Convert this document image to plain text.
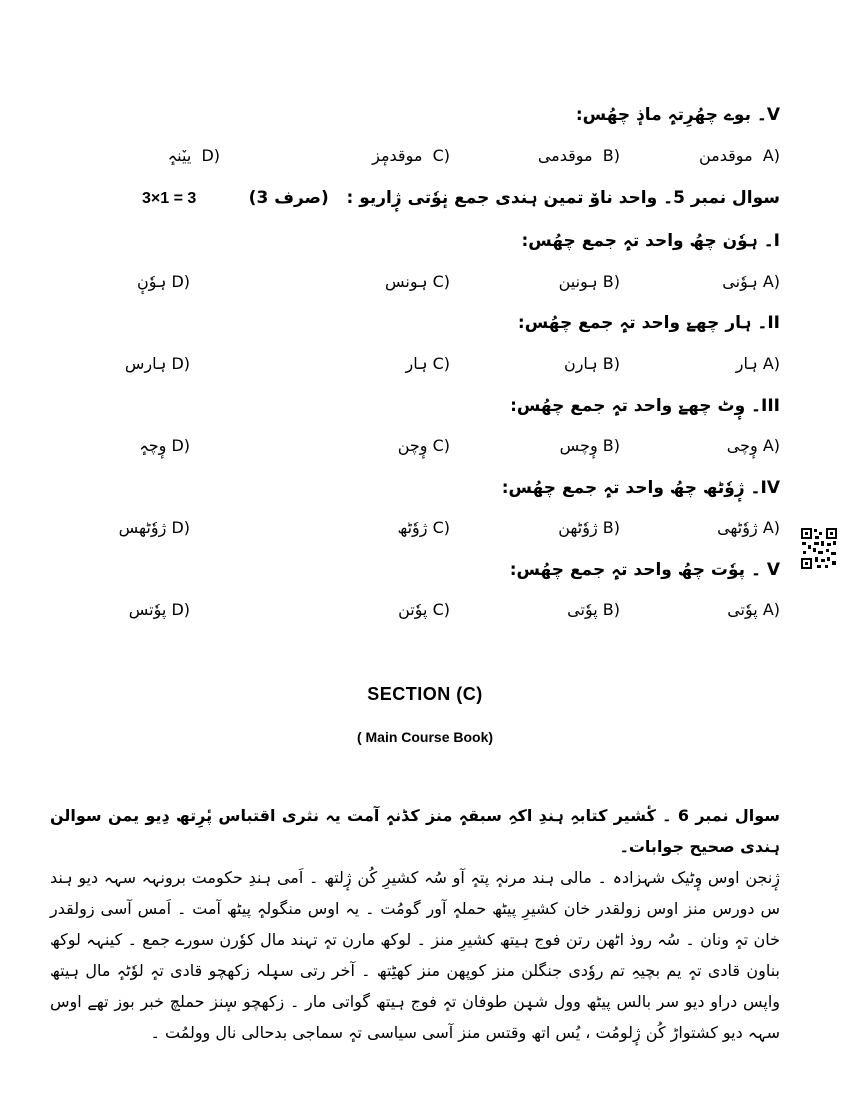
V۔ بوے چھُرِتہٕ ماذٕ چھُس:
A)  موقدمن
B)  موقدمی
C)  موقدمٕز
D)  ییٚنہٕ
سوال نمبر 5۔ واحد ناوٚ تمین ہندی جمع نٕوٗتی ژٕاریو :   (صرف 3)
3×1 = 3
I۔ ہوٗن چھُ واحد تہٕ جمع چھُس:
A) ہوٗنی
B) ہونین
C) ہونس
D) ہوٗنٕ
II۔ ہار چھےٚ واحد تہٕ جمع چھُس:
A) ہار
B) ہارن
C) ہار
D) ہارس
III۔ وٕٹ چھےٚ واحد تہٕ جمع چھُس:
A) وٕچی
B) وٕچس
C) وٕچن
D) وٕچہٕ
IV۔ ژٕوٗٹھ چھُ واحد تہٕ جمع چھُس:
A) ژوٗٹھی
B) ژوٗٹھن
C) ژوٗٹھ
D) ژوٗٹھس
V ۔ پوٗت چھُ واحد تہٕ جمع چھُس:
A) پوٗتی
B) پوٗتی
C) پوٗتن
D) پوٗتس
SECTION (C)
( Main Course Book)
سوال نمبر 6 ۔ کٔشیر کتابہِ ہندِ اکہِ سبقہٕ منز کڈنہٕ آمت یہ نثری اقتباس پٔرِتھ دِیو یمن سوالن ہندی صحیح جوابات۔
ژٕنجن اوس وٕٹیک شہزادہ ۔ مالی ہند مرنہٕ پتہٕ آو سُہ کشیرِ کُن ژٕلتھ ۔ اَمی ہندِ حکومت برونہہ سہہ دیو ہند س دورس منز اوس زولقدر خان کشیرِ پیٹھ حملہٕ آور گومُت ۔ یہ اوس منگولہٕ پیٹھ آمت ۔ اَمس آسی زولقدر خان تہٕ ونان ۔ سُہ روذ اٹھن رتن فوج ہیتھ کشیرِ منز ۔ لوکھ مارن تہٕ تہند مال کوٗرن سورے جمع ۔ کینہہ لوکھ بناون قادی تہٕ یم بچیہِ تم روٗدی جنگلن منز کوپھن منز کھٹِتھ ۔ آخر رتی سیٖلہ زکھچو قادی تہٕ لوٗٹہٕ مال ہیتھ واپس دراو دیو سر بالس پیٹھ وول شیٖن طوفان تہٕ فوج ہیتھ گواتی مار ۔ زکھچو سٕنز حملچ خبر بوز تھے اوس سہہ دیو کشتواڑ کُن ژٕلومُت ، یُس اتھ وقتس منز آسی سیاسی تہٕ سماجی بدحالی نال وولمُت ۔
